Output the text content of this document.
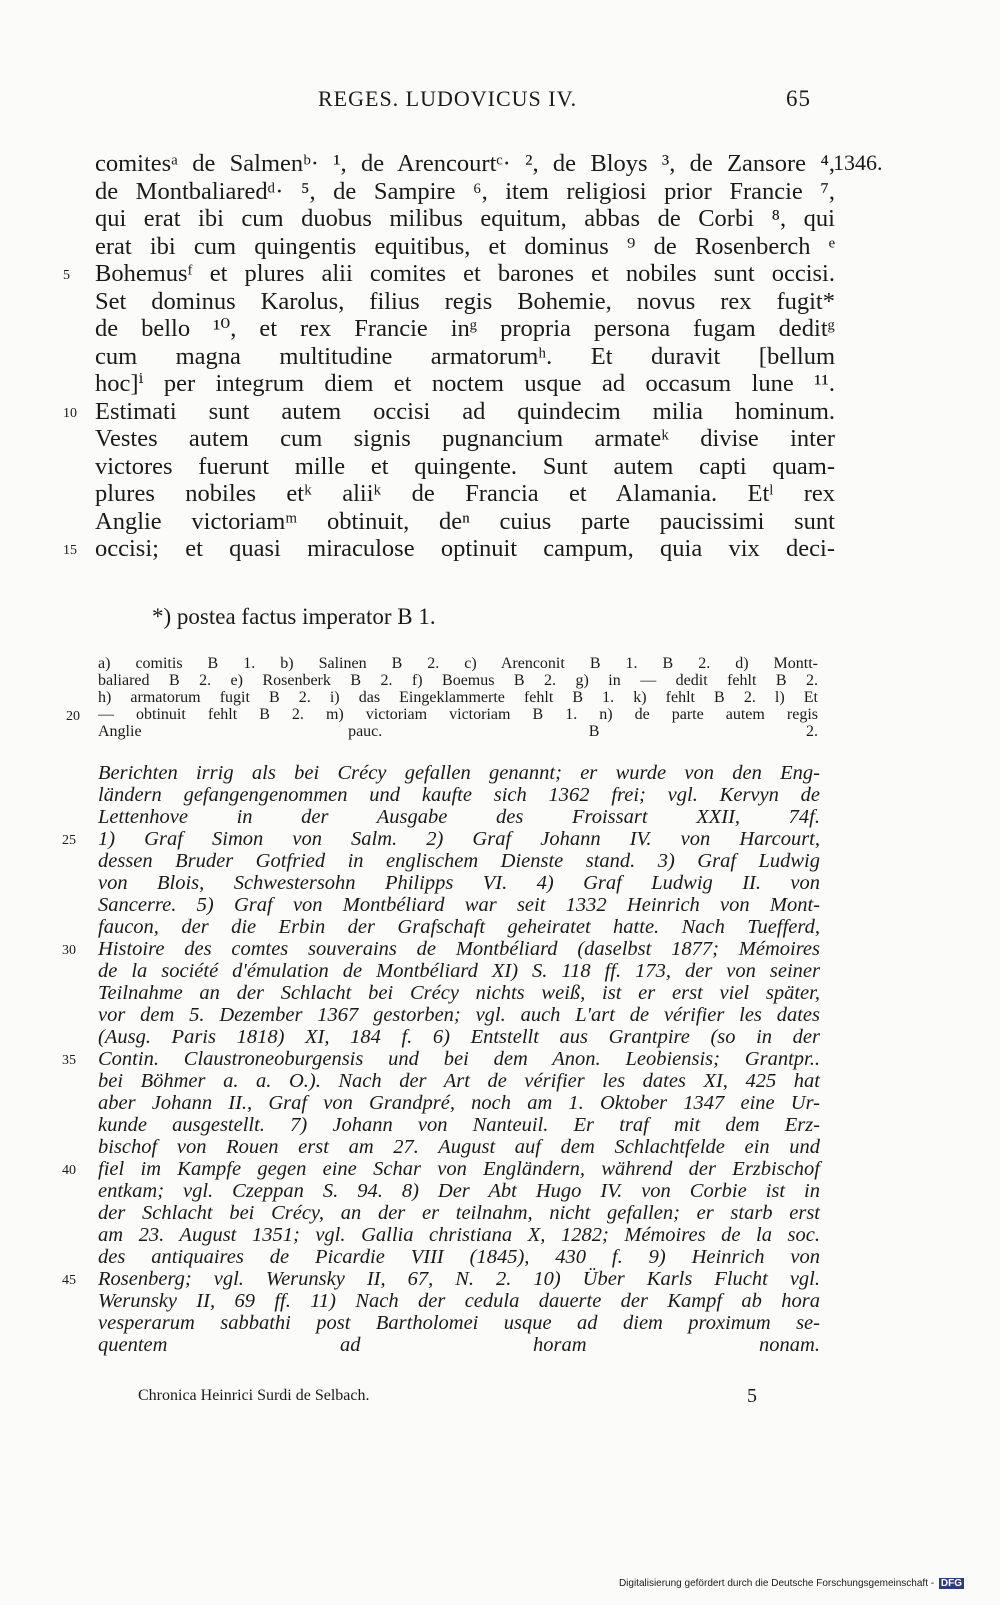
REGES. LUDOVICUS IV.	65
1346.
comitesᵃ de Salmenᵇ· ¹, de Arencourtᶜ· ², de Bloys ³, de Zansore ⁴,
de Montbaliaredᵈ· ⁵, de Sampire ⁶, item religiosi prior Francie ⁷,
qui erat ibi cum duobus milibus equitum, abbas de Corbi ⁸, qui
erat ibi cum quingentis equitibus, et dominus ⁹ de Rosenberch ᵉ
5 Bohemusᶠ et plures alii comites et barones et nobiles sunt occisi.
Set dominus Karolus, filius regis Bohemie, novus rex fugit*
de bello ¹⁰, et rex Francie inᵍ propria persona fugam deditᵍ
cum magna multitudine armatorumʰ. Et duravit [bellum
hoc]ⁱ per integrum diem et noctem usque ad occasum lune ¹¹.
10 Estimati sunt autem occisi ad quindecim milia hominum.
Vestes autem cum signis pugnancium armateᵏ divise inter
victores fuerunt mille et quingente. Sunt autem capti quam-
plures nobiles etᵏ aliiᵏ de Francia et Alamania. Etˡ rex
Anglie victoriamᵐ obtinuit, deⁿ cuius parte paucissimi sunt
15 occisi; et quasi miraculose optinuit campum, quia vix deci-
*) postea factus imperator B 1.
a) comitis B 1. b) Salinen B 2. c) Arenconit B 1. B 2. d) Montt-
baliared B 2. e) Rosenberk B 2. f) Boemus B 2. g) in — dedit fehlt B 2.
h) armatorum fugit B 2. i) das Eingeklammerte fehlt B 1. k) fehlt B 2. l) Et
20 — obtinuit fehlt B 2. m) victoriam victoriam B 1. n) de parte autem regis
Anglie pauc. B 2.
Berichten irrig als bei Crécy gefallen genannt; er wurde von den Eng-
ländern gefangengenommen und kaufte sich 1362 frei; vgl. Kervyn de
Lettenhove in der Ausgabe des Froissart XXII, 74f.
25 1) Graf Simon von Salm. 2) Graf Johann IV. von Harcourt,
dessen Bruder Gotfried in englischem Dienste stand. 3) Graf Ludwig
von Blois, Schwestersohn Philipps VI. 4) Graf Ludwig II. von
Sancerre. 5) Graf von Montbéliard war seit 1332 Heinrich von Mont-
faucon, der die Erbin der Grafschaft geheiratet hatte. Nach Tuefferd,
30 Histoire des comtes souverains de Montbéliard (daselbst 1877; Mémoires
de la société d'émulation de Montbéliard XI) S. 118 ff. 173, der von seiner
Teilnahme an der Schlacht bei Crécy nichts weiß, ist er erst viel später,
vor dem 5. Dezember 1367 gestorben; vgl. auch L'art de vérifier les dates
(Ausg. Paris 1818) XI, 184 f. 6) Entstellt aus Grantpire (so in der
35 Contin. Claustroneoburgensis und bei dem Anon. Leobiensis; Grantpr..
bei Böhmer a. a. O.). Nach der Art de vérifier les dates XI, 425 hat
aber Johann II., Graf von Grandpré, noch am 1. Oktober 1347 eine Ur-
kunde ausgestellt. 7) Johann von Nanteuil. Er traf mit dem Erz-
bischof von Rouen erst am 27. August auf dem Schlachtfelde ein und
40 fiel im Kampfe gegen eine Schar von Engländern, während der Erzbischof
entkam; vgl. Czeppan S. 94. 8) Der Abt Hugo IV. von Corbie ist in
der Schlacht bei Crécy, an der er teilnahm, nicht gefallen; er starb erst
am 23. August 1351; vgl. Gallia christiana X, 1282; Mémoires de la soc.
des antiquaires de Picardie VIII (1845), 430 f. 9) Heinrich von
45 Rosenberg; vgl. Werunsky II, 67, N. 2. 10) Über Karls Flucht vgl.
Werunsky II, 69 ff. 11) Nach der cedula dauerte der Kampf ab hora
vesperarum sabbathi post Bartholomei usque ad diem proximum se-
quentem ad horam nonam.
Chronica Heinrici Surdi de Selbach.	5
Digitalisierung gefördert durch die Deutsche Forschungsgemeinschaft - DFG
